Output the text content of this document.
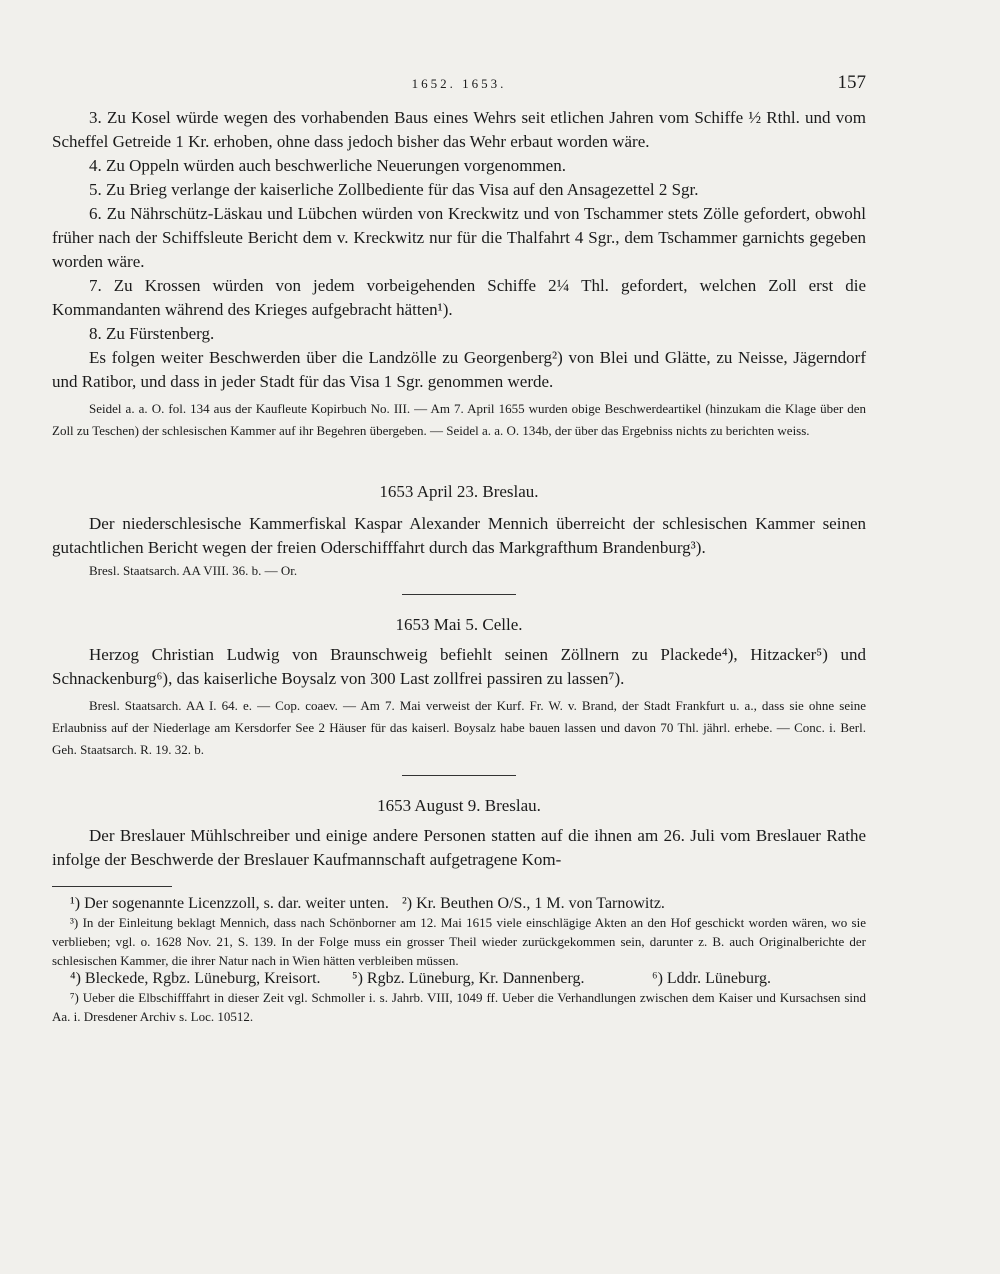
1652. 1653.	157

3. Zu Kosel würde wegen des vorhabenden Baus eines Wehrs seit etlichen Jahren vom Schiffe ½ Rthl. und vom Scheffel Getreide 1 Kr. erhoben, ohne dass jedoch bisher das Wehr erbaut worden wäre.

4. Zu Oppeln würden auch beschwerliche Neuerungen vorgenommen.

5. Zu Brieg verlange der kaiserliche Zollbediente für das Visa auf den Ansagezettel 2 Sgr.

6. Zu Nährschütz-Läskau und Lübchen würden von Kreckwitz und von Tschammer stets Zölle gefordert, obwohl früher nach der Schiffsleute Bericht dem v. Kreckwitz nur für die Thalfahrt 4 Sgr., dem Tschammer garnichts gegeben worden wäre.

7. Zu Krossen würden von jedem vorbeigehenden Schiffe 2¼ Thl. gefordert, welchen Zoll erst die Kommandanten während des Krieges aufgebracht hätten¹).

8. Zu Fürstenberg.

Es folgen weiter Beschwerden über die Landzölle zu Georgenberg²) von Blei und Glätte, zu Neisse, Jägerndorf und Ratibor, und dass in jeder Stadt für das Visa 1 Sgr. genommen werde.

Seidel a. a. O. fol. 134 aus der Kaufleute Kopirbuch No. III. — Am 7. April 1655 wurden obige Beschwerdeartikel (hinzukam die Klage über den Zoll zu Teschen) der schlesischen Kammer auf ihr Begehren übergeben. — Seidel a. a. O. 134b, der über das Ergebniss nichts zu berichten weiss.

1653 April 23. Breslau.

Der niederschlesische Kammerfiskal Kaspar Alexander Mennich überreicht der schlesischen Kammer seinen gutachtlichen Bericht wegen der freien Oderschifffahrt durch das Markgrafthum Brandenburg³).

Bresl. Staatsarch. AA VIII. 36. b. — Or.

1653 Mai 5. Celle.

Herzog Christian Ludwig von Braunschweig befiehlt seinen Zöllnern zu Plackede⁴), Hitzacker⁵) und Schnackenburg⁶), das kaiserliche Boysalz von 300 Last zollfrei passiren zu lassen⁷).

Bresl. Staatsarch. AA I. 64. e. — Cop. coaev. — Am 7. Mai verweist der Kurf. Fr. W. v. Brand, der Stadt Frankfurt u. a., dass sie ohne seine Erlaubniss auf der Niederlage am Kersdorfer See 2 Häuser für das kaiserl. Boysalz habe bauen lassen und davon 70 Thl. jährl. erhebe. — Conc. i. Berl. Geh. Staatsarch. R. 19. 32. b.

1653 August 9. Breslau.

Der Breslauer Mühlschreiber und einige andere Personen statten auf die ihnen am 26. Juli vom Breslauer Rathe infolge der Beschwerde der Breslauer Kaufmannschaft aufgetragene Kom-

¹) Der sogenannte Licenzzoll, s. dar. weiter unten. ²) Kr. Beuthen O/S., 1 M. von Tarnowitz.

³) In der Einleitung beklagt Mennich, dass nach Schönborner am 12. Mai 1615 viele einschlägige Akten an den Hof geschickt worden wären, wo sie verblieben; vgl. o. 1628 Nov. 21, S. 139. In der Folge muss ein grosser Theil wieder zurückgekommen sein, darunter z. B. auch Originalberichte der schlesischen Kammer, die ihrer Natur nach in Wien hätten verbleiben müssen.

⁴) Bleckede, Rgbz. Lüneburg, Kreisort.	⁵) Rgbz. Lüneburg, Kr. Dannenberg.	⁶) Lddr. Lüneburg.

⁷) Ueber die Elbschifffahrt in dieser Zeit vgl. Schmoller i. s. Jahrb. VIII, 1049 ff. Ueber die Verhandlungen zwischen dem Kaiser und Kursachsen sind Aa. i. Dresdener Archiv s. Loc. 10512.
